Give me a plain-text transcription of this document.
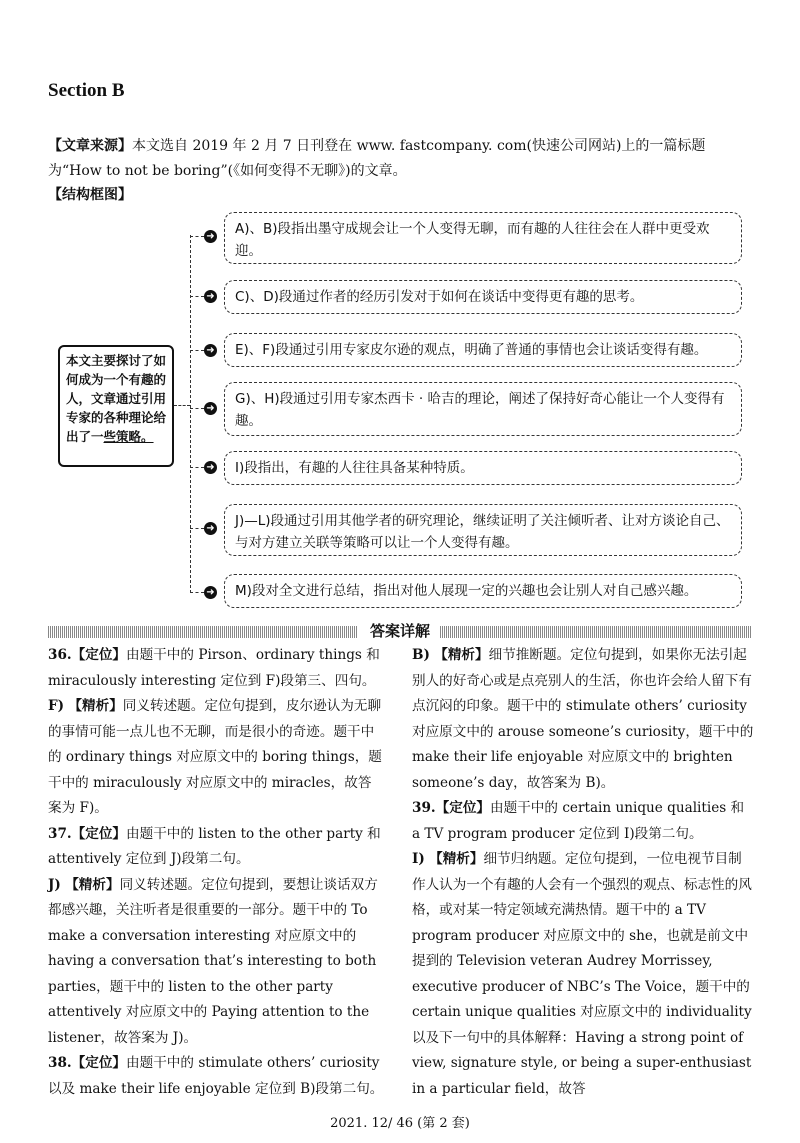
Section B
【文章来源】本文选自 2019 年 2 月 7 日刊登在 www. fastcompany. com(快速公司网站)上的一篇标题为“How to not be boring”(《如何变得不无聊》)的文章。
【结构框图】
本文主要探讨了如何成为一个有趣的人，文章通过引用专家的各种理论给出了一些策略。
➜	A)、B)段指出墨守成规会让一个人变得无聊，而有趣的人往往会在人群中更受欢迎。
➜	C)、D)段通过作者的经历引发对于如何在谈话中变得更有趣的思考。
➜	E)、F)段通过引用专家皮尔逊的观点，明确了普通的事情也会让谈话变得有趣。
➜
G)、H)段通过引用专家杰西卡 · 哈吉的理论，阐述了保持好奇心能让一个人变得有趣。
➜	I)段指出，有趣的人往往具备某种特质。
➜	J)—L)段通过引用其他学者的研究理论，继续证明了关注倾听者、让对方谈论自己、与对方建立关联等策略可以让一个人变得有趣。
➜	M)段对全文进行总结，指出对他人展现一定的兴趣也会让别人对自己感兴趣。
答案详解

36.【定位】由题干中的 Pirson、ordinary things 和 miraculously interesting 定位到 F)段第三、四句。

F) 【精析】同义转述题。定位句提到，皮尔逊认为无聊的事情可能一点儿也不无聊，而是很小的奇迹。题干中的 ordinary things 对应原文中的 boring things，题干中的 miraculously 对应原文中的 miracles，故答案为 F)。

37.【定位】由题干中的 listen to the other party 和 attentively 定位到 J)段第二句。

J) 【精析】同义转述题。定位句提到，要想让谈话双方都感兴趣，关注听者是很重要的一部分。题干中的 To make a conversation interesting 对应原文中的 having a conversation that’s interesting to both parties，题干中的 listen to the other party attentively 对应原文中的 Paying attention to the listener，故答案为 J)。

38.【定位】由题干中的 stimulate others’ curiosity 以及 make their life enjoyable 定位到 B)段第二句。

B) 【精析】细节推断题。定位句提到，如果你无法引起别人的好奇心或是点亮别人的生活，你也许会给人留下有点沉闷的印象。题干中的 stimulate others’ curiosity 对应原文中的 arouse someone’s curiosity，题干中的 make their life enjoyable 对应原文中的 brighten someone’s day，故答案为 B)。

39.【定位】由题干中的 certain unique qualities 和 a TV program producer 定位到 I)段第二句。

I) 【精析】细节归纳题。定位句提到，一位电视节目制作人认为一个有趣的人会有一个强烈的观点、标志性的风格，或对某一特定领域充满热情。题干中的 a TV program producer 对应原文中的 she，也就是前文中提到的 Television veteran Audrey Morrissey, executive producer of NBC’s The Voice，题干中的 certain unique qualities 对应原文中的 individuality 以及下一句中的具体解释：Having a strong point of view, signature style, or being a super-enthusiast in a particular field，故答

2021. 12/ 46 (第 2 套)
